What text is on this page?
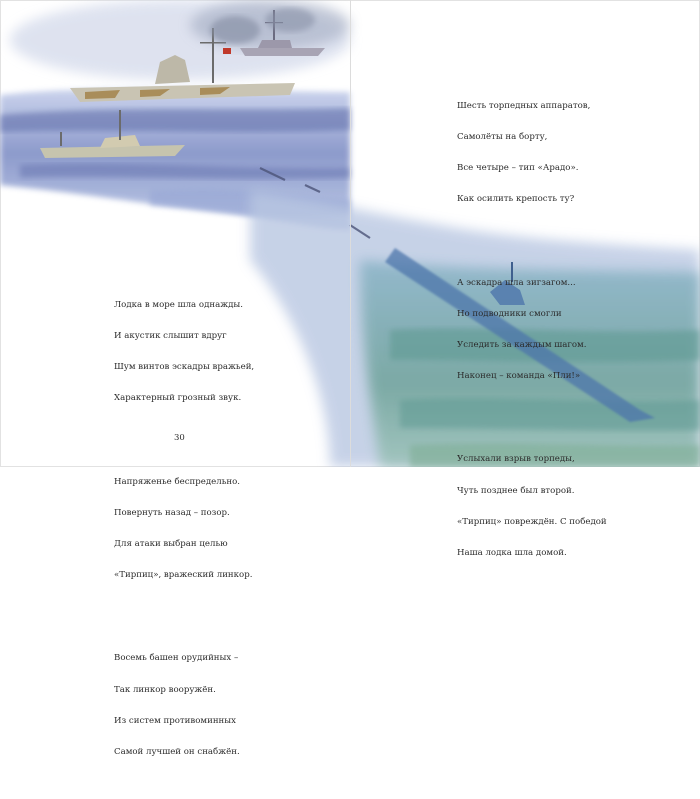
Лодка в море шла однажды.

И акустик слышит вдруг

Шум винтов эскадры вражьей,

Характерный грозный звук.

Напряженье беспредельно.

Повернуть назад – позор.

Для атаки выбран целью

«Тирпиц», вражеский линкор.

Восемь башен орудийных –

Так линкор вооружён.

Из систем противоминных

Самой лучшей он снабжён.

30

Шесть торпедных аппаратов,

Самолёты на борту,

Все четыре – тип «Арадо».

Как осилить крепость ту?

А эскадра шла зигзагом...

Но подводники смогли

Уследить за каждым шагом.

Наконец – команда «Пли!»

Услыхали взрыв торпеды,

Чуть позднее был второй.

«Тирпиц» повреждён. С победой

Наша лодка шла домой.
